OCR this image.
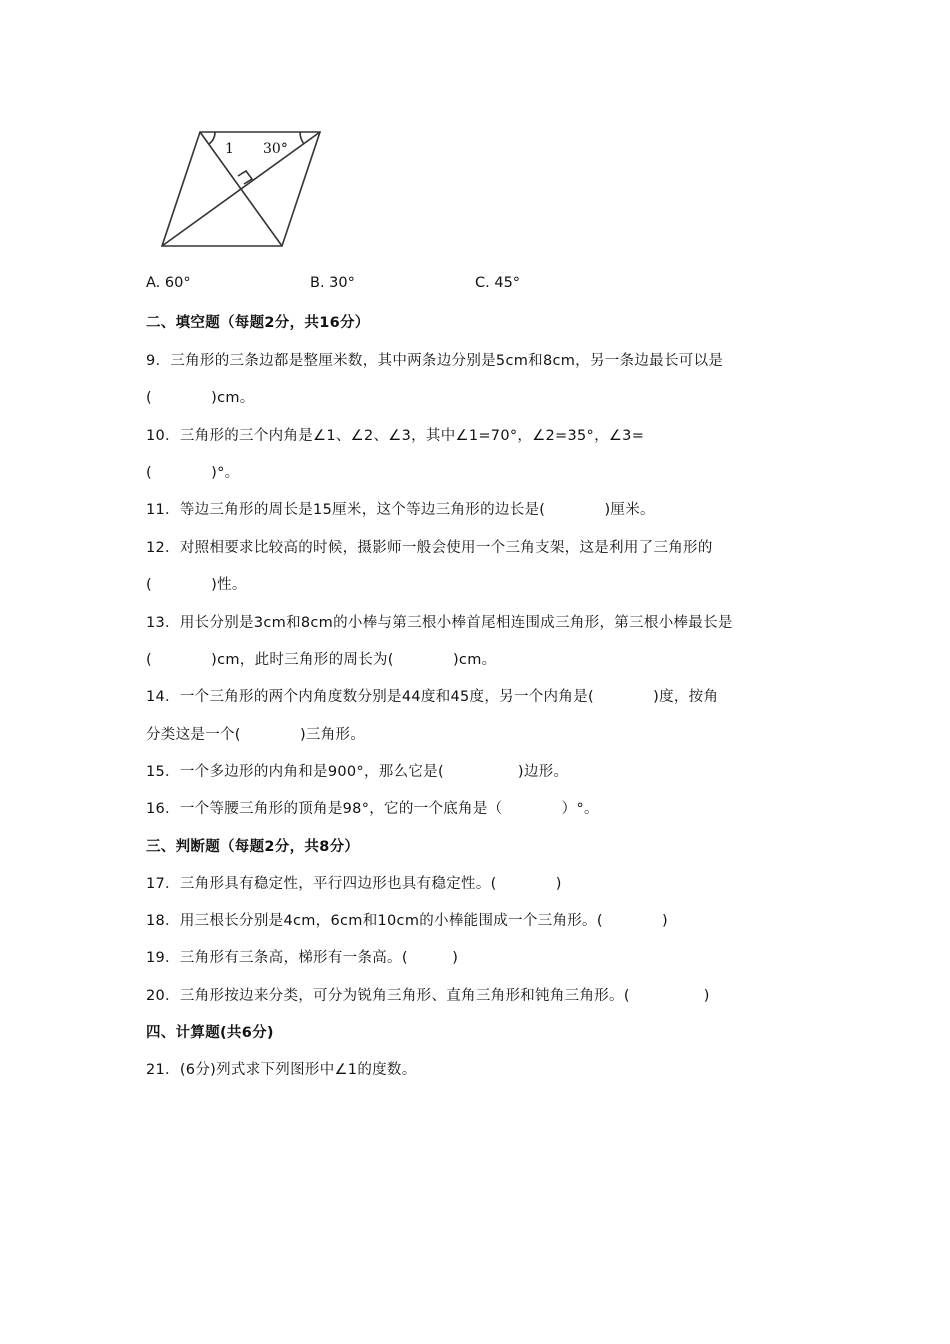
1 30°
A. 60°	B. 30°	C. 45°
二、填空题（每题2分，共16分）
9．三角形的三条边都是整厘米数，其中两条边分别是5cm和8cm，另一条边最长可以是
(　　　　)cm。
10．三角形的三个内角是∠1、∠2、∠3，其中∠1=70°，∠2=35°，∠3=
(　　　　)°。
11．等边三角形的周长是15厘米，这个等边三角形的边长是(　　　　)厘米。
12．对照相要求比较高的时候，摄影师一般会使用一个三角支架，这是利用了三角形的
(　　　　)性。
13．用长分别是3cm和8cm的小棒与第三根小棒首尾相连围成三角形，第三根小棒最长是
(　　　　)cm，此时三角形的周长为(　　　　)cm。
14．一个三角形的两个内角度数分别是44度和45度，另一个内角是(　　　　)度，按角
分类这是一个(　　　　)三角形。
15．一个多边形的内角和是900°，那么它是(　　　　　)边形。
16．一个等腰三角形的顶角是98°，它的一个底角是（　　　　）°。
三、判断题（每题2分，共8分）
17．三角形具有稳定性，平行四边形也具有稳定性。(　　　　)
18．用三根长分别是4cm，6cm和10cm的小棒能围成一个三角形。(　　　　)
19．三角形有三条高，梯形有一条高。(　　　)
20．三角形按边来分类，可分为锐角三角形、直角三角形和钝角三角形。(　　　　　)
四、计算题(共6分)
21．(6分)列式求下列图形中∠1的度数。
